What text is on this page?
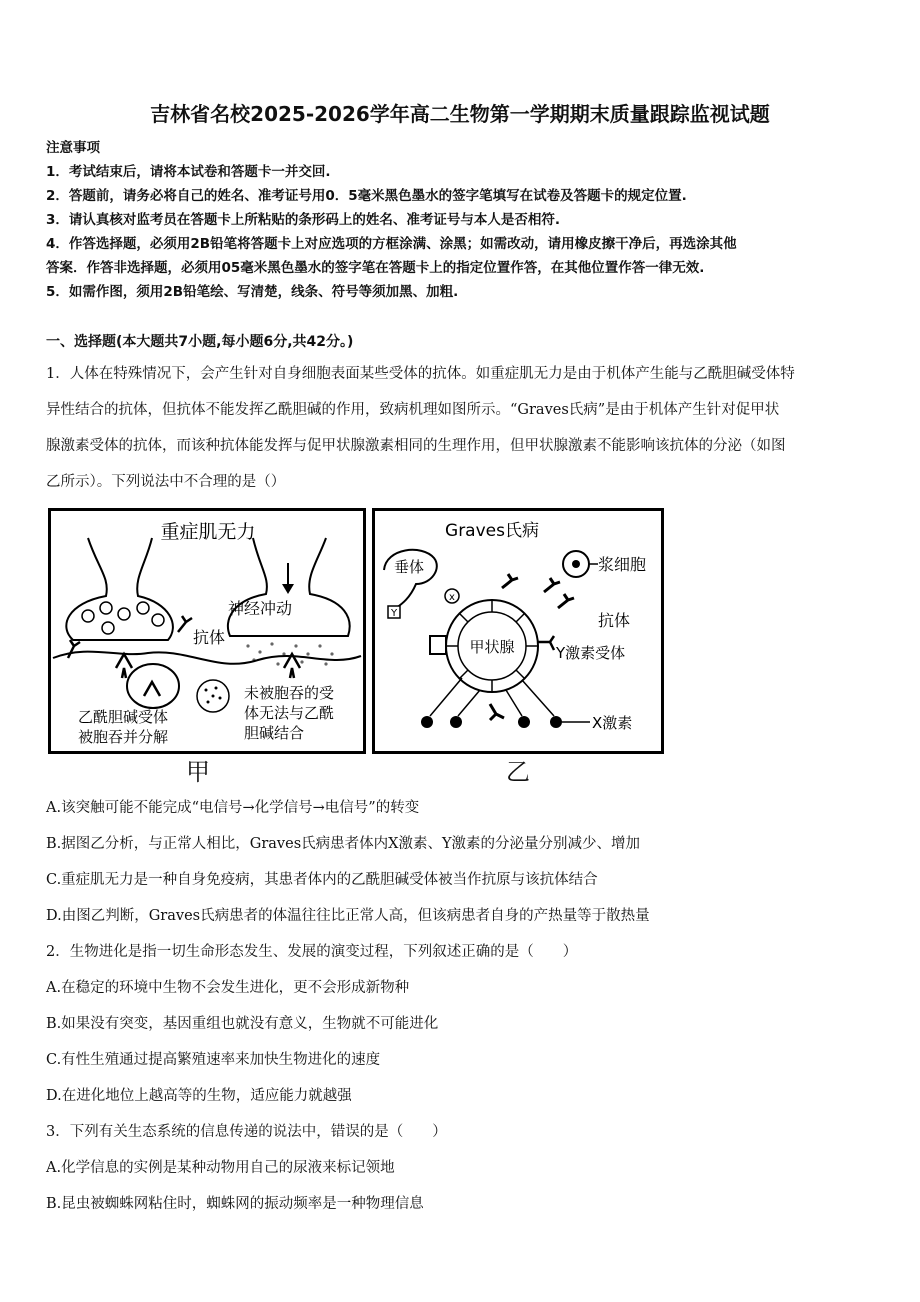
吉林省名校2025-2026学年高二生物第一学期期末质量跟踪监视试题
注意事项
1．考试结束后，请将本试卷和答题卡一并交回.
2．答题前，请务必将自己的姓名、准考证号用0．5毫米黑色墨水的签字笔填写在试卷及答题卡的规定位置.
3．请认真核对监考员在答题卡上所粘贴的条形码上的姓名、准考证号与本人是否相符.
4．作答选择题，必须用2B铅笔将答题卡上对应选项的方框涂满、涂黑；如需改动，请用橡皮擦干净后，再选涂其他
答案．作答非选择题，必须用05毫米黑色墨水的签字笔在答题卡上的指定位置作答，在其他位置作答一律无效.
5．如需作图，须用2B铅笔绘、写清楚，线条、符号等须加黑、加粗.
一、选择题(本大题共7小题,每小题6分,共42分。)
1．人体在特殊情况下，会产生针对自身细胞表面某些受体的抗体。如重症肌无力是由于机体产生能与乙酰胆碱受体特
异性结合的抗体，但抗体不能发挥乙酰胆碱的作用，致病机理如图所示。“Graves氏病”是由于机体产生针对促甲状
腺激素受体的抗体，而该种抗体能发挥与促甲状腺激素相同的生理作用，但甲状腺激素不能影响该抗体的分泌（如图
乙所示）。下列说法中不合理的是（）
重症肌无力
神经冲动
抗体
乙酰胆碱受体
被胞吞并分解
未被胞吞的受
体无法与乙酰
胆碱结合
甲
Graves氏病
垂体
Y
x
浆细胞
抗体
甲状腺	Y激素受体
X激素
乙
A.该突触可能不能完成“电信号→化学信号→电信号”的转变
B.据图乙分析，与正常人相比，Graves氏病患者体内X激素、Y激素的分泌量分别减少、增加
C.重症肌无力是一种自身免疫病，其患者体内的乙酰胆碱受体被当作抗原与该抗体结合
D.由图乙判断，Graves氏病患者的体温往往比正常人高，但该病患者自身的产热量等于散热量
2．生物进化是指一切生命形态发生、发展的演变过程，下列叙述正确的是（　　）
A.在稳定的环境中生物不会发生进化，更不会形成新物种
B.如果没有突变，基因重组也就没有意义，生物就不可能进化
C.有性生殖通过提高繁殖速率来加快生物进化的速度
D.在进化地位上越高等的生物，适应能力就越强
3．下列有关生态系统的信息传递的说法中，错误的是（　　）
A.化学信息的实例是某种动物用自己的尿液来标记领地
B.昆虫被蜘蛛网粘住时，蜘蛛网的振动频率是一种物理信息
